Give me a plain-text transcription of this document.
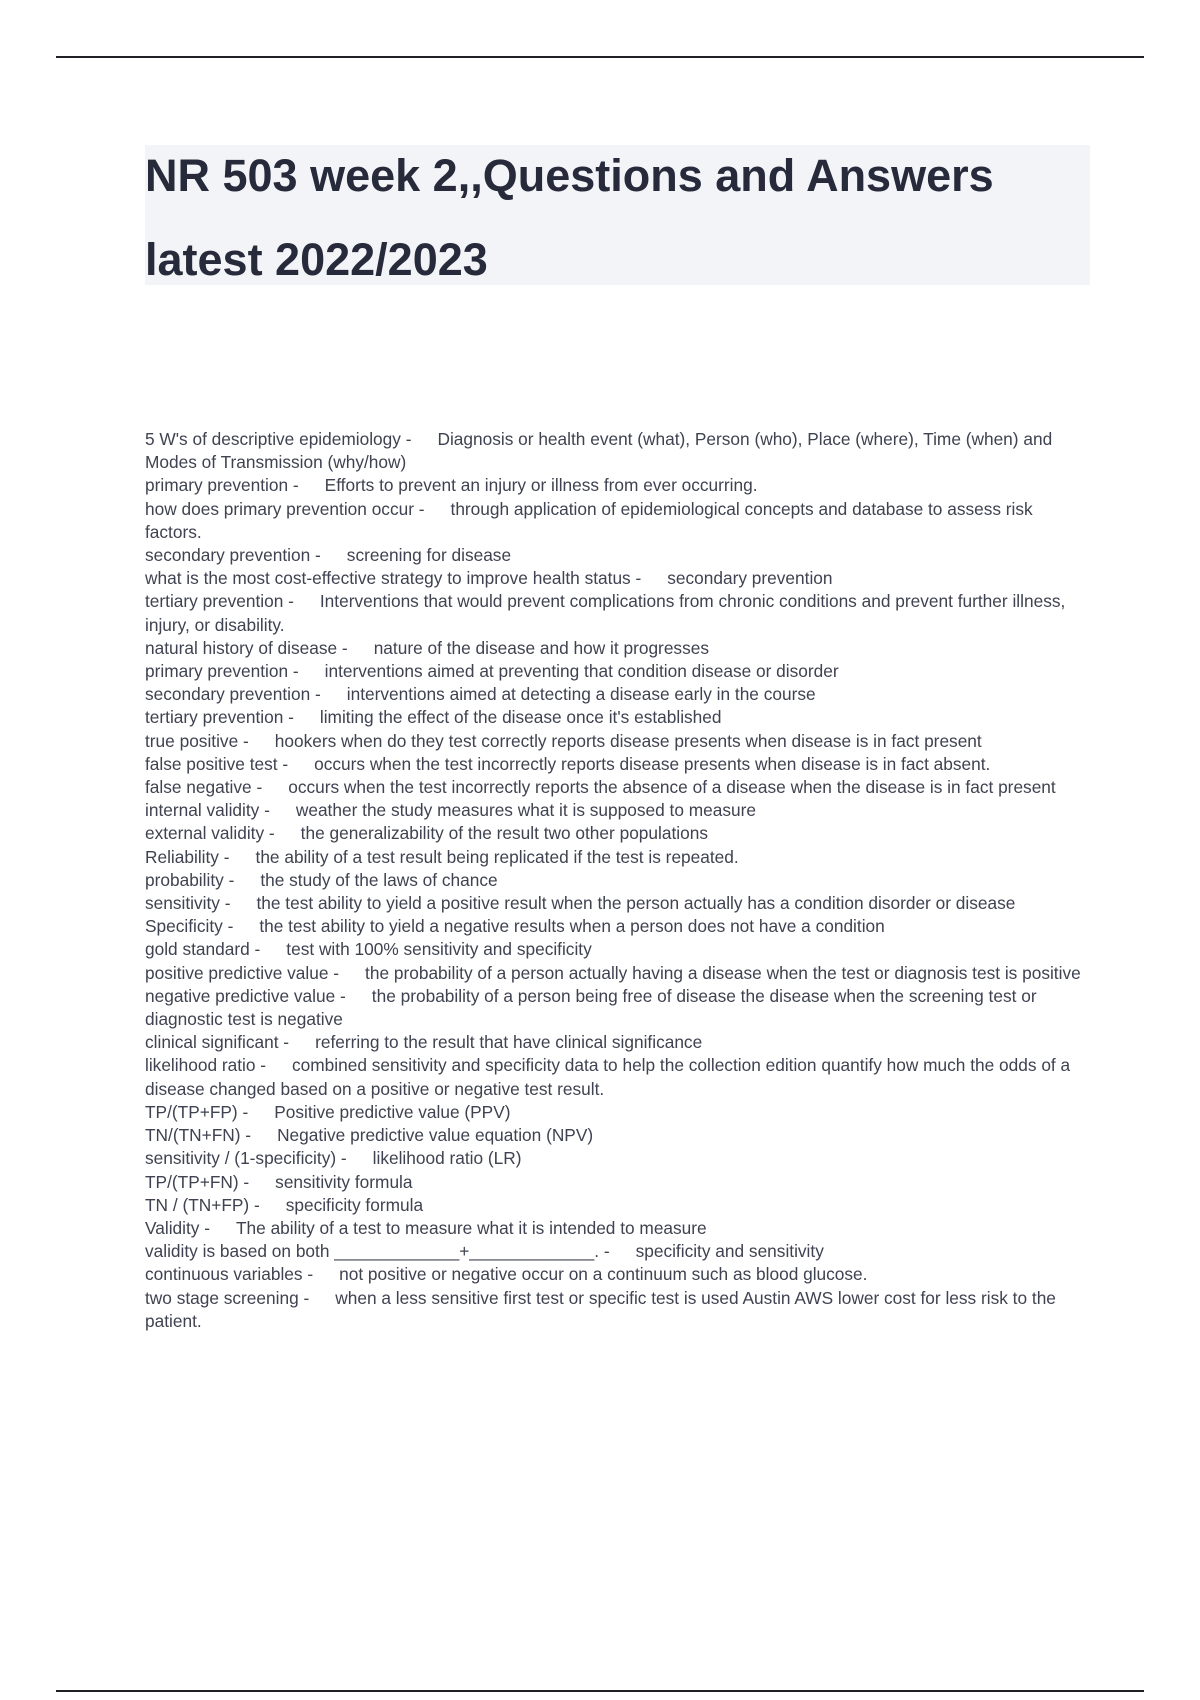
NR 503 week 2,,Questions and Answers latest 2022/2023
5 W's of descriptive epidemiology - Diagnosis or health event (what), Person (who), Place (where), Time (when) and Modes of Transmission (why/how)
primary prevention - Efforts to prevent an injury or illness from ever occurring.
how does primary prevention occur - through application of epidemiological concepts and database to assess risk factors.
secondary prevention - screening for disease
what is the most cost-effective strategy to improve health status - secondary prevention
tertiary prevention - Interventions that would prevent complications from chronic conditions and prevent further illness, injury, or disability.
natural history of disease - nature of the disease and how it progresses
primary prevention - interventions aimed at preventing that condition disease or disorder
secondary prevention - interventions aimed at detecting a disease early in the course
tertiary prevention - limiting the effect of the disease once it's established
true positive - hookers when do they test correctly reports disease presents when disease is in fact present
false positive test - occurs when the test incorrectly reports disease presents when disease is in fact absent.
false negative - occurs when the test incorrectly reports the absence of a disease when the disease is in fact present
internal validity - weather the study measures what it is supposed to measure
external validity - the generalizability of the result two other populations
Reliability - the ability of a test result being replicated if the test is repeated.
probability - the study of the laws of chance
sensitivity - the test ability to yield a positive result when the person actually has a condition disorder or disease
Specificity - the test ability to yield a negative results when a person does not have a condition
gold standard - test with 100% sensitivity and specificity
positive predictive value - the probability of a person actually having a disease when the test or diagnosis test is positive
negative predictive value - the probability of a person being free of disease the disease when the screening test or diagnostic test is negative
clinical significant - referring to the result that have clinical significance
likelihood ratio - combined sensitivity and specificity data to help the collection edition quantify how much the odds of a disease changed based on a positive or negative test result.
TP/(TP+FP) - Positive predictive value (PPV)
TN/(TN+FN) - Negative predictive value equation (NPV)
sensitivity / (1-specificity) - likelihood ratio (LR)
TP/(TP+FN) - sensitivity formula
TN / (TN+FP) - specificity formula
Validity - The ability of a test to measure what it is intended to measure
validity is based on both _____________+_____________. - specificity and sensitivity
continuous variables - not positive or negative occur on a continuum such as blood glucose.
two stage screening - when a less sensitive first test or specific test is used Austin AWS lower cost for less risk to the patient.
